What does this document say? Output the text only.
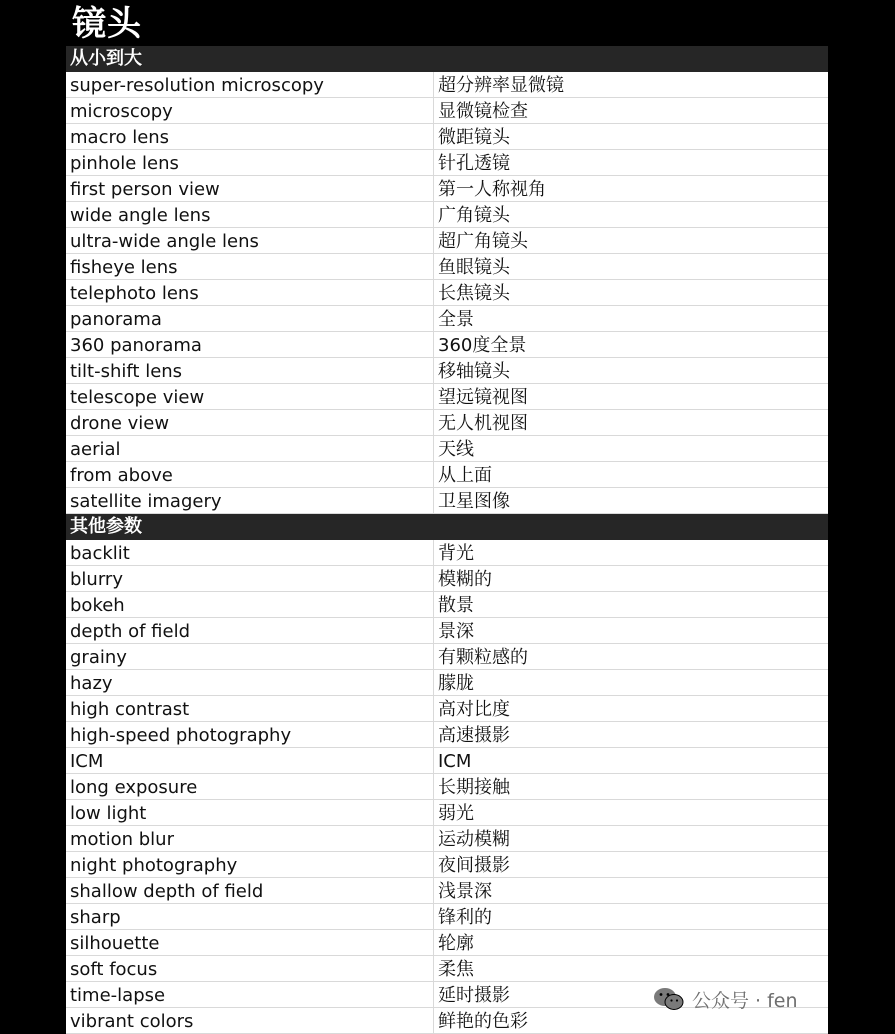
镜头
从小到大
super-resolution microscopy	超分辨率显微镜
microscopy	显微镜检查
macro lens	微距镜头
pinhole lens	针孔透镜
first person view	第一人称视角
wide angle lens	广角镜头
ultra-wide angle lens	超广角镜头
fisheye lens	鱼眼镜头
telephoto lens	长焦镜头
panorama	全景
360 panorama	360度全景
tilt-shift lens	移轴镜头
telescope view	望远镜视图
drone view	无人机视图
aerial	天线
from above	从上面
satellite imagery	卫星图像
其他参数
backlit	背光
blurry	模糊的
bokeh	散景
depth of field	景深
grainy	有颗粒感的
hazy	朦胧
high contrast	高对比度
high-speed photography	高速摄影
ICM	ICM
long exposure	长期接触
low light	弱光
motion blur	运动模糊
night photography	夜间摄影
shallow depth of field	浅景深
sharp	锋利的
silhouette	轮廓
soft focus	柔焦
time-lapse	延时摄影
vibrant colors	鲜艳的色彩
公众号 · fen
